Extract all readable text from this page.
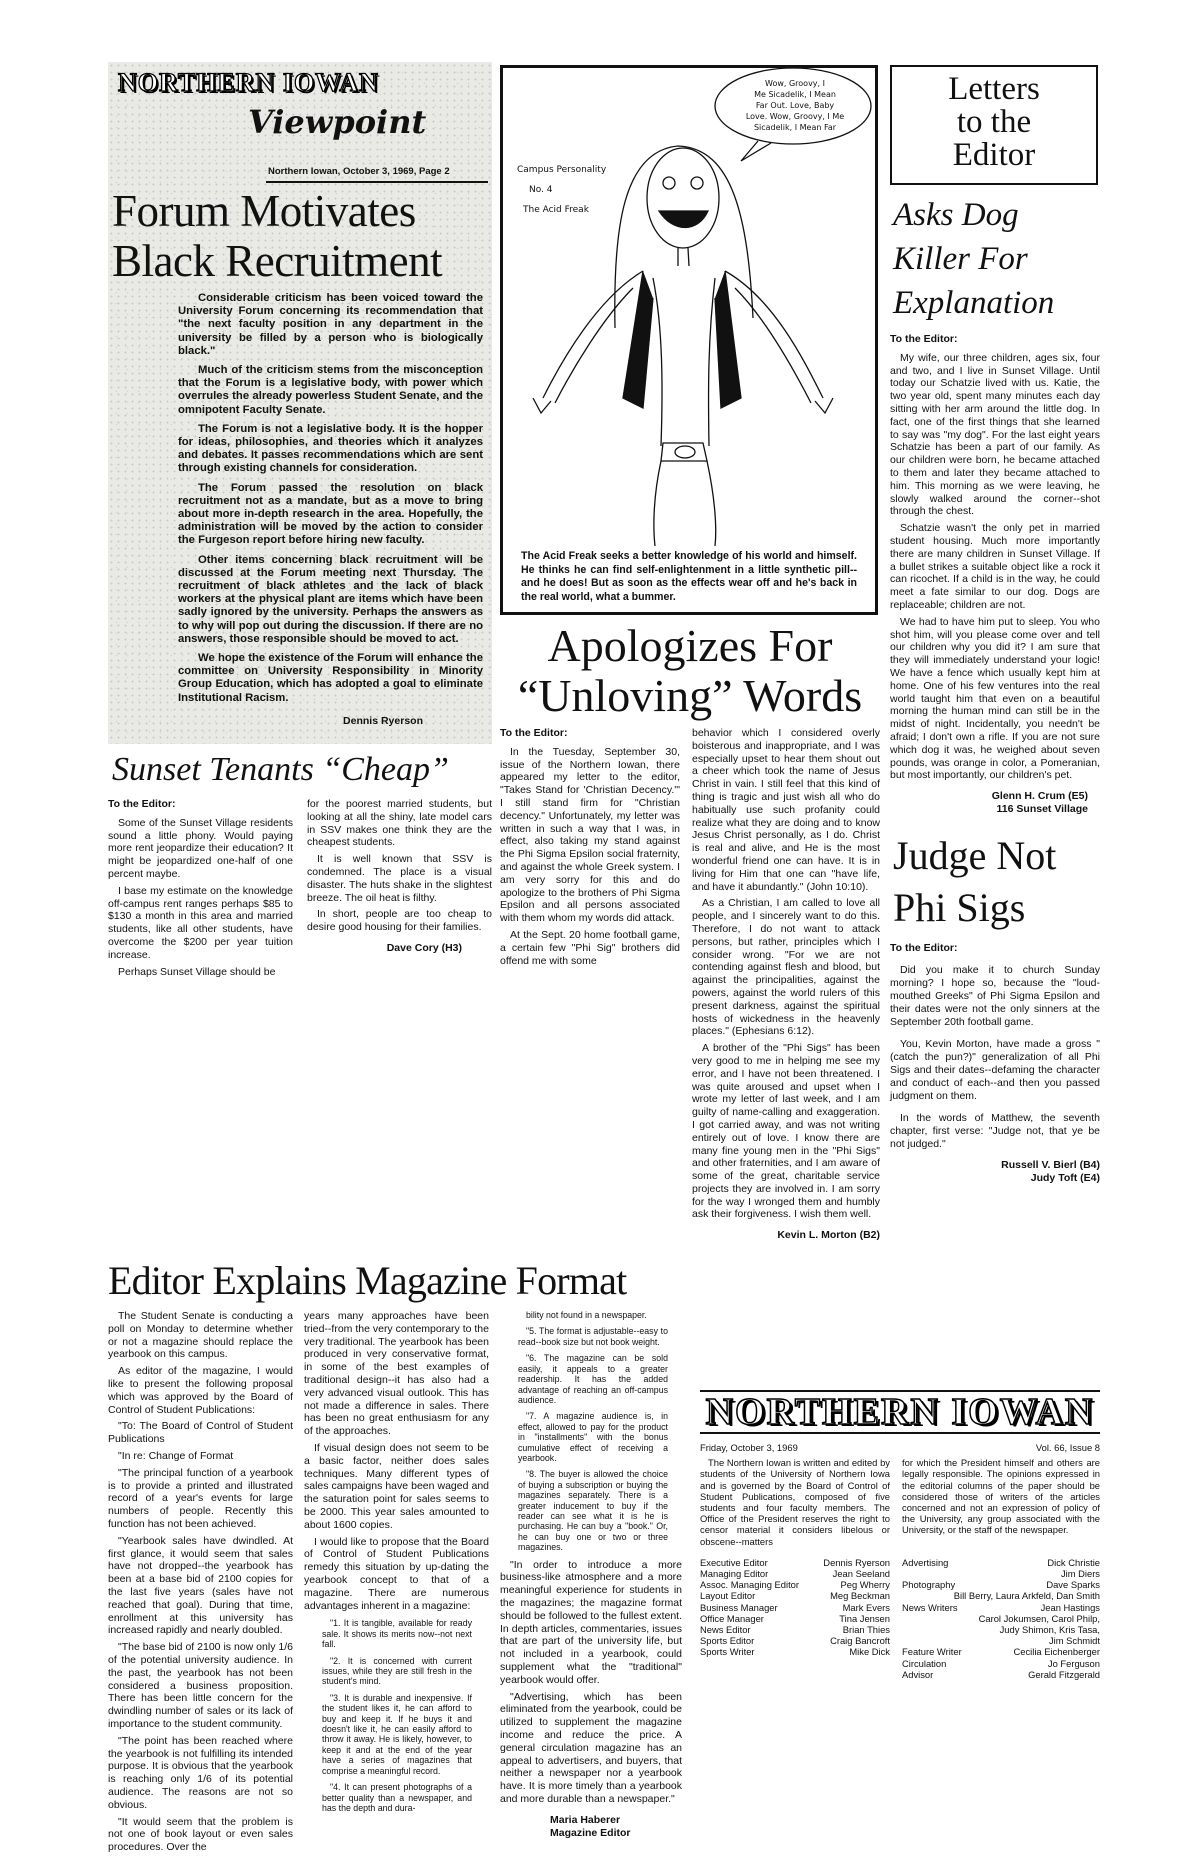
NORTHERN IOWAN
Viewpoint
Northern Iowan, October 3, 1969, Page 2
Forum Motivates Black Recruitment

Considerable criticism has been voiced toward the University Forum concerning its recommendation that "the next faculty position in any department in the university be filled by a person who is biologically black."

Much of the criticism stems from the misconception that the Forum is a legislative body, with power which overrules the already powerless Student Senate, and the omnipotent Faculty Senate.

The Forum is not a legislative body. It is the hopper for ideas, philosophies, and theories which it analyzes and debates. It passes recommendations which are sent through existing channels for consideration.

The Forum passed the resolution on black recruitment not as a mandate, but as a move to bring about more in-depth research in the area. Hopefully, the administration will be moved by the action to consider the Furgeson report before hiring new faculty.

Other items concerning black recruitment will be discussed at the Forum meeting next Thursday. The recruitment of black athletes and the lack of black workers at the physical plant are items which have been sadly ignored by the university. Perhaps the answers as to why will pop out during the discussion. If there are no answers, those responsible should be moved to act.

We hope the existence of the Forum will enhance the committee on University Responsibility in Minority Group Education, which has adopted a goal to eliminate Institutional Racism.

Dennis Ryerson

Sunset Tenants “Cheap”

To the Editor:

Some of the Sunset Village residents sound a little phony. Would paying more rent jeopardize their education? It might be jeopardized one-half of one percent maybe.

I base my estimate on the knowledge off-campus rent ranges perhaps $85 to $130 a month in this area and married students, like all other students, have overcome the $200 per year tuition increase.

Perhaps Sunset Village should be

for the poorest married students, but looking at all the shiny, late model cars in SSV makes one think they are the cheapest students.

It is well known that SSV is condemned. The place is a visual disaster. The huts shake in the slightest breeze. The oil heat is filthy.

In short, people are too cheap to desire good housing for their families.

Dave Cory (H3)

Campus Personality
No. 4
The Acid Freak
Wow, Groovy, I
Me Sicadelik, I Mean
Far Out. Love, Baby
Love. Wow, Groovy, I Me
Sicadelik, I Mean Far
The Acid Freak seeks a better knowledge of his world and himself. He thinks he can find self-enlightenment in a little synthetic pill--and he does! But as soon as the effects wear off and he's back in the real world, what a bummer.
Apologizes For
“Unloving” Words

To the Editor:

In the Tuesday, September 30, issue of the Northern Iowan, there appeared my letter to the editor, "Takes Stand for 'Christian Decency.'" I still stand firm for "Christian decency." Unfortunately, my letter was written in such a way that I was, in effect, also taking my stand against the Phi Sigma Epsilon social fraternity, and against the whole Greek system. I am very sorry for this and do apologize to the brothers of Phi Sigma Epsilon and all persons associated with them whom my words did attack.

At the Sept. 20 home football game, a certain few "Phi Sig" brothers did offend me with some

behavior which I considered overly boisterous and inappropriate, and I was especially upset to hear them shout out a cheer which took the name of Jesus Christ in vain. I still feel that this kind of thing is tragic and just wish all who do habitually use such profanity could realize what they are doing and to know Jesus Christ personally, as I do. Christ is real and alive, and He is the most wonderful friend one can have. It is in living for Him that one can "have life, and have it abundantly." (John 10:10).

As a Christian, I am called to love all people, and I sincerely want to do this. Therefore, I do not want to attack persons, but rather, principles which I consider wrong. "For we are not contending against flesh and blood, but against the principalities, against the powers, against the world rulers of this present darkness, against the spiritual hosts of wickedness in the heavenly places." (Ephesians 6:12).

A brother of the "Phi Sigs" has been very good to me in helping me see my error, and I have not been threatened. I was quite aroused and upset when I wrote my letter of last week, and I am guilty of name-calling and exaggeration. I got carried away, and was not writing entirely out of love. I know there are many fine young men in the "Phi Sigs" and other fraternities, and I am aware of some of the great, charitable service projects they are involved in. I am sorry for the way I wronged them and humbly ask their forgiveness. I wish them well.

Kevin L. Morton (B2)

Letters
to the
Editor
Asks Dog
Killer For
Explanation

To the Editor:

My wife, our three children, ages six, four and two, and I live in Sunset Village. Until today our Schatzie lived with us. Katie, the two year old, spent many minutes each day sitting with her arm around the little dog. In fact, one of the first things that she learned to say was "my dog". For the last eight years Schatzie has been a part of our family. As our children were born, he became attached to them and later they became attached to him. This morning as we were leaving, he slowly walked around the corner--shot through the chest.

Schatzie wasn't the only pet in married student housing. Much more importantly there are many children in Sunset Village. If a bullet strikes a suitable object like a rock it can ricochet. If a child is in the way, he could meet a fate similar to our dog. Dogs are replaceable; children are not.

We had to have him put to sleep. You who shot him, will you please come over and tell our children why you did it? I am sure that they will immediately understand your logic! We have a fence which usually kept him at home. One of his few ventures into the real world taught him that even on a beautiful morning the human mind can still be in the midst of night. Incidentally, you needn't be afraid; I don't own a rifle. If you are not sure which dog it was, he weighed about seven pounds, was orange in color, a Pomeranian, but most importantly, our children's pet.

Glenn H. Crum (E5)

116 Sunset Village

Judge Not
Phi Sigs

To the Editor:

Did you make it to church Sunday morning? I hope so, because the "loud-mouthed Greeks" of Phi Sigma Epsilon and their dates were not the only sinners at the September 20th football game.

You, Kevin Morton, have made a gross "(catch the pun?)" generalization of all Phi Sigs and their dates--defaming the character and conduct of each--and then you passed judgment on them.

In the words of Matthew, the seventh chapter, first verse: "Judge not, that ye be not judged."

Russell V. Bierl (B4)

Judy Toft (E4)

Editor Explains Magazine Format

The Student Senate is conducting a poll on Monday to determine whether or not a magazine should replace the yearbook on this campus.

As editor of the magazine, I would like to present the following proposal which was approved by the Board of Control of Student Publications:

"To: The Board of Control of Student Publications

"In re: Change of Format

"The principal function of a yearbook is to provide a printed and illustrated record of a year's events for large numbers of people. Recently this function has not been achieved.

"Yearbook sales have dwindled. At first glance, it would seem that sales have not dropped--the yearbook has been at a base bid of 2100 copies for the last five years (sales have not reached that goal). During that time, enrollment at this university has increased rapidly and nearly doubled.

"The base bid of 2100 is now only 1/6 of the potential university audience. In the past, the yearbook has not been considered a business proposition. There has been little concern for the dwindling number of sales or its lack of importance to the student community.

"The point has been reached where the yearbook is not fulfilling its intended purpose. It is obvious that the yearbook is reaching only 1/6 of its potential audience. The reasons are not so obvious.

"It would seem that the problem is not one of book layout or even sales procedures. Over the

years many approaches have been tried--from the very contemporary to the very traditional. The yearbook has been produced in very conservative format, in some of the best examples of traditional design--it has also had a very advanced visual outlook. This has not made a difference in sales. There has been no great enthusiasm for any of the approaches.

If visual design does not seem to be a basic factor, neither does sales techniques. Many different types of sales campaigns have been waged and the saturation point for sales seems to be 2000. This year sales amounted to about 1600 copies.

I would like to propose that the Board of Control of Student Publications remedy this situation by up-dating the yearbook concept to that of a magazine. There are numerous advantages inherent in a magazine:

"1. It is tangible, available for ready sale. It shows its merits now--not next fall.

"2. It is concerned with current issues, while they are still fresh in the student's mind.

"3. It is durable and inexpensive. If the student likes it, he can afford to buy and keep it. If he buys it and doesn't like it, he can easily afford to throw it away. He is likely, however, to keep it and at the end of the year have a series of magazines that comprise a meaningful record.

"4. It can present photographs of a better quality than a newspaper, and has the depth and dura-

bility not found in a newspaper.

"5. The format is adjustable--easy to read--book size but not book weight.

"6. The magazine can be sold easily, it appeals to a greater readership. It has the added advantage of reaching an off-campus audience.

"7. A magazine audience is, in effect, allowed to pay for the product in "installments" with the bonus cumulative effect of receiving a yearbook.

"8. The buyer is allowed the choice of buying a subscription or buying the magazines separately. There is a greater inducement to buy if the reader can see what it is he is purchasing. He can buy a "book." Or, he can buy one or two or three magazines.

"In order to introduce a more business-like atmosphere and a more meaningful experience for students in the magazines; the magazine format should be followed to the fullest extent. In depth articles, commentaries, issues that are part of the university life, but not included in a yearbook, could supplement what the "traditional" yearbook would offer.

"Advertising, which has been eliminated from the yearbook, could be utilized to supplement the magazine income and reduce the price. A general circulation magazine has an appeal to advertisers, and buyers, that neither a newspaper nor a yearbook have. It is more timely than a yearbook and more durable than a newspaper."

Maria Haberer

Magazine Editor

NORTHERN IOWAN
Friday, October 3, 1969	Vol. 66, Issue 8

The Northern Iowan is written and edited by students of the University of Northern Iowa and is governed by the Board of Control of Student Publications, composed of five students and four faculty members. The Office of the President reserves the right to censor material it considers libelous or obscene--matters

for which the President himself and others are legally responsible. The opinions expressed in the editorial columns of the paper should be considered those of writers of the articles concerned and not an expression of policy of the University, any group associated with the University, or the staff of the newspaper.

Executive Editor	Dennis Ryerson
Managing Editor	Jean Seeland
Assoc. Managing Editor	Peg Wherry
Layout Editor	Meg Beckman
Business Manager	Mark Evers
Office Manager	Tina Jensen
News Editor	Brian Thies
Sports Editor	Craig Bancroft
Sports Writer	Mike Dick
Advertising	Dick Christie
Jim Diers
Photography	Dave Sparks
Bill Berry, Laura Arkfeld, Dan Smith
News Writers	Jean Hastings
Carol Jokumsen, Carol Philp,
Judy Shimon, Kris Tasa,
Jim Schmidt
Feature Writer	Cecilia Eichenberger
Circulation	Jo Ferguson
Advisor	Gerald Fitzgerald
